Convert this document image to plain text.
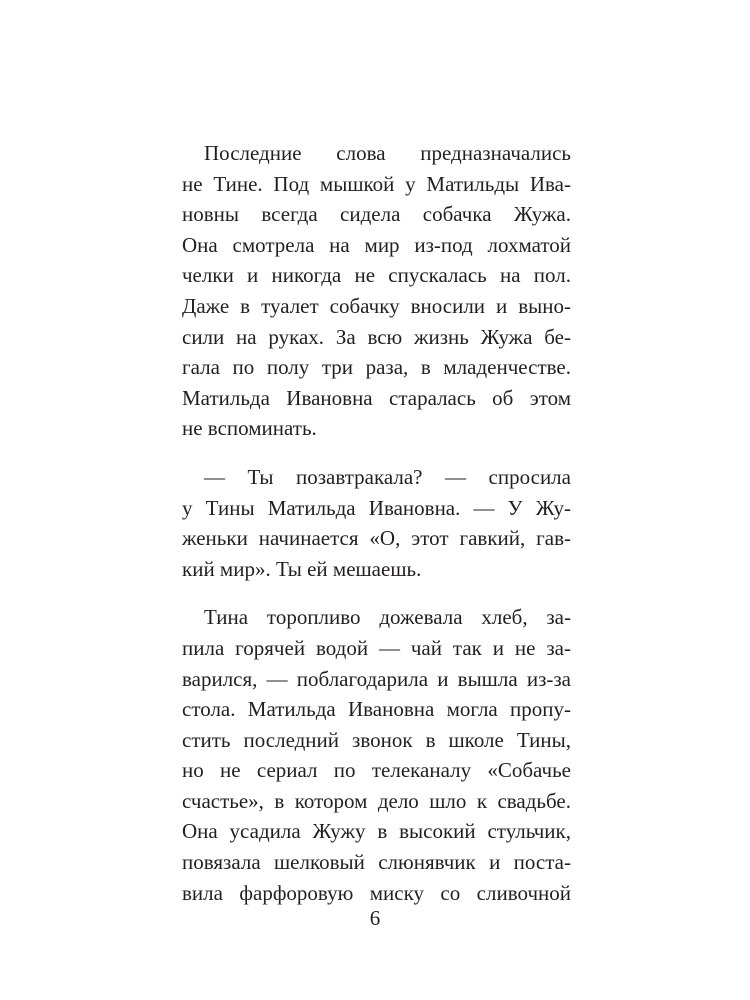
Последние слова предназначались
не Тине. Под мышкой у Матильды Ива-
новны всегда сидела собачка Жужа.
Она смотрела на мир из-под лохматой
челки и никогда не спускалась на пол.
Даже в туалет собачку вносили и выно-
сили на руках. За всю жизнь Жужа бе-
гала по полу три раза, в младенчестве.
Матильда Ивановна старалась об этом
не вспоминать.

— Ты позавтракала? — спросила
у Тины Матильда Ивановна. — У Жу-
женьки начинается «О, этот гавкий, гав-
кий мир». Ты ей мешаешь.

Тина торопливо дожевала хлеб, за-
пила горячей водой — чай так и не за-
варился, — поблагодарила и вышла из-за
стола. Матильда Ивановна могла пропу-
стить последний звонок в школе Тины,
но не сериал по телеканалу «Собачье
счастье», в котором дело шло к свадьбе.
Она усадила Жужу в высокий стульчик,
повязала шелковый слюнявчик и поста-
вила фарфоровую миску со сливочной

6
